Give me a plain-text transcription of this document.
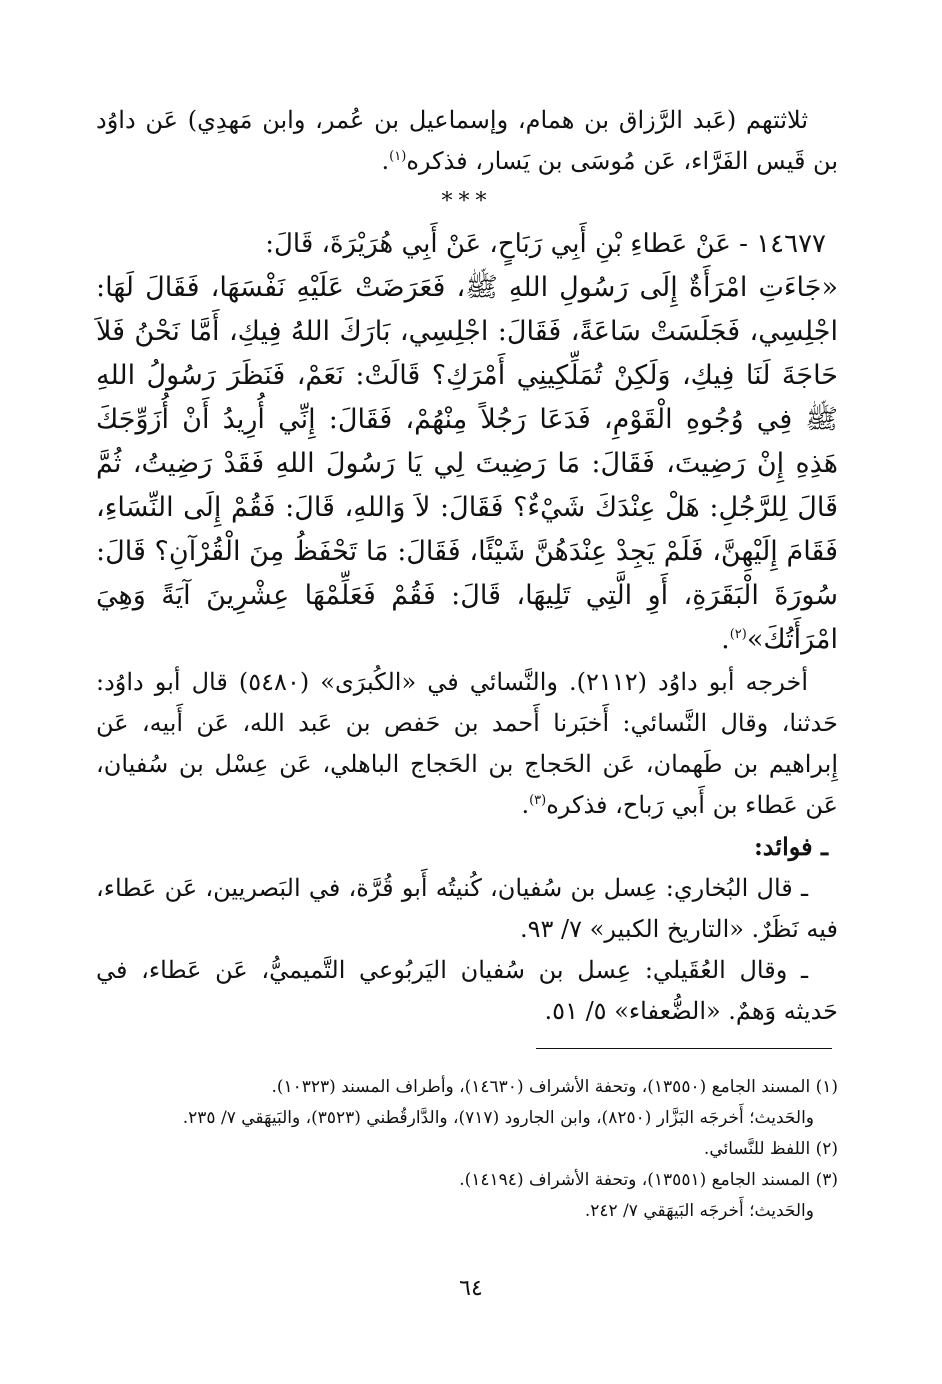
ثلاثتهم (عَبد الرَّزاق بن همام، وإسماعيل بن عُمر، وابن مَهدِي) عَن داوُد بن قَيس الفَرَّاء، عَن مُوسَى بن يَسار، فذكره$^{(١)}$.

***

١٤٦٧٧ - عَنْ عَطاءِ بْنِ أَبِي رَبَاحٍ، عَنْ أَبِي هُرَيْرَةَ، قَالَ:

«جَاءَتِ امْرَأَةٌ إِلَى رَسُولِ اللهِ ﷺ، فَعَرَضَتْ عَلَيْهِ نَفْسَهَا، فَقَالَ لَهَا: اجْلِسِي، فَجَلَسَتْ سَاعَةً، فَقَالَ: اجْلِسِي، بَارَكَ اللهُ فِيكِ، أَمَّا نَحْنُ فَلاَ حَاجَةَ لَنَا فِيكِ، وَلَكِنْ تُمَلِّكِينِي أَمْرَكِ؟ قَالَتْ: نَعَمْ، فَنَظَرَ رَسُولُ اللهِ ﷺ فِي وُجُوهِ الْقَوْمِ، فَدَعَا رَجُلاً مِنْهُمْ، فَقَالَ: إِنِّي أُرِيدُ أَنْ أُزَوِّجَكَ هَذِهِ إِنْ رَضِيتَ، فَقَالَ: مَا رَضِيتَ لِي يَا رَسُولَ اللهِ فَقَدْ رَضِيتُ، ثُمَّ قَالَ لِلرَّجُلِ: هَلْ عِنْدَكَ شَيْءٌ؟ فَقَالَ: لاَ وَاللهِ، قَالَ: فَقُمْ إِلَى النِّسَاءِ، فَقَامَ إِلَيْهِنَّ، فَلَمْ يَجِدْ عِنْدَهُنَّ شَيْئًا، فَقَالَ: مَا تَحْفَظُ مِنَ الْقُرْآنِ؟ قَالَ: سُورَةَ الْبَقَرَةِ، أَوِ الَّتِي تَلِيهَا، قَالَ: فَقُمْ فَعَلِّمْهَا عِشْرِينَ آيَةً وَهِيَ امْرَأَتُكَ»$^{(٢)}$.

أخرجه أبو داوُد (٢١١٢). والنَّسائي في «الكُبرَى» (٥٤٨٠) قال أبو داوُد: حَدثنا، وقال النَّسائي: أَخبَرنا أَحمد بن حَفص بن عَبد الله، عَن أَبيه، عَن إِبراهيم بن طَهمان، عَن الحَجاج بن الحَجاج الباهلي، عَن عِسْل بن سُفيان، عَن عَطاء بن أَبي رَباح، فذكره$^{(٣)}$.

ـ فوائد:

ـ قال البُخاري: عِسل بن سُفيان، كُنيتُه أَبو قُرَّة، في البَصريين، عَن عَطاء، فيه نَظَرٌ. «التاريخ الكبير» ٧/ ٩٣.

ـ وقال العُقَيلي: عِسل بن سُفيان اليَربُوعي التَّميميُّ، عَن عَطاء، في حَديثه وَهمٌ. «الضُّعفاء» ٥/ ٥١.

(١) المسند الجامع (١٣٥٥٠)، وتحفة الأشراف (١٤٦٣٠)، وأطراف المسند (١٠٣٢٣).

والحَديث؛ أَخرجَه البَزَّار (٨٢٥٠)، وابن الجارود (٧١٧)، والدَّارقُطني (٣٥٢٣)، والبَيهَقي ٧/ ٢٣٥.

(٢) اللفظ للنَّسائي.

(٣) المسند الجامع (١٣٥٥١)، وتحفة الأشراف (١٤١٩٤).

والحَديث؛ أَخرجَه البَيهَقي ٧/ ٢٤٢.

٦٤
